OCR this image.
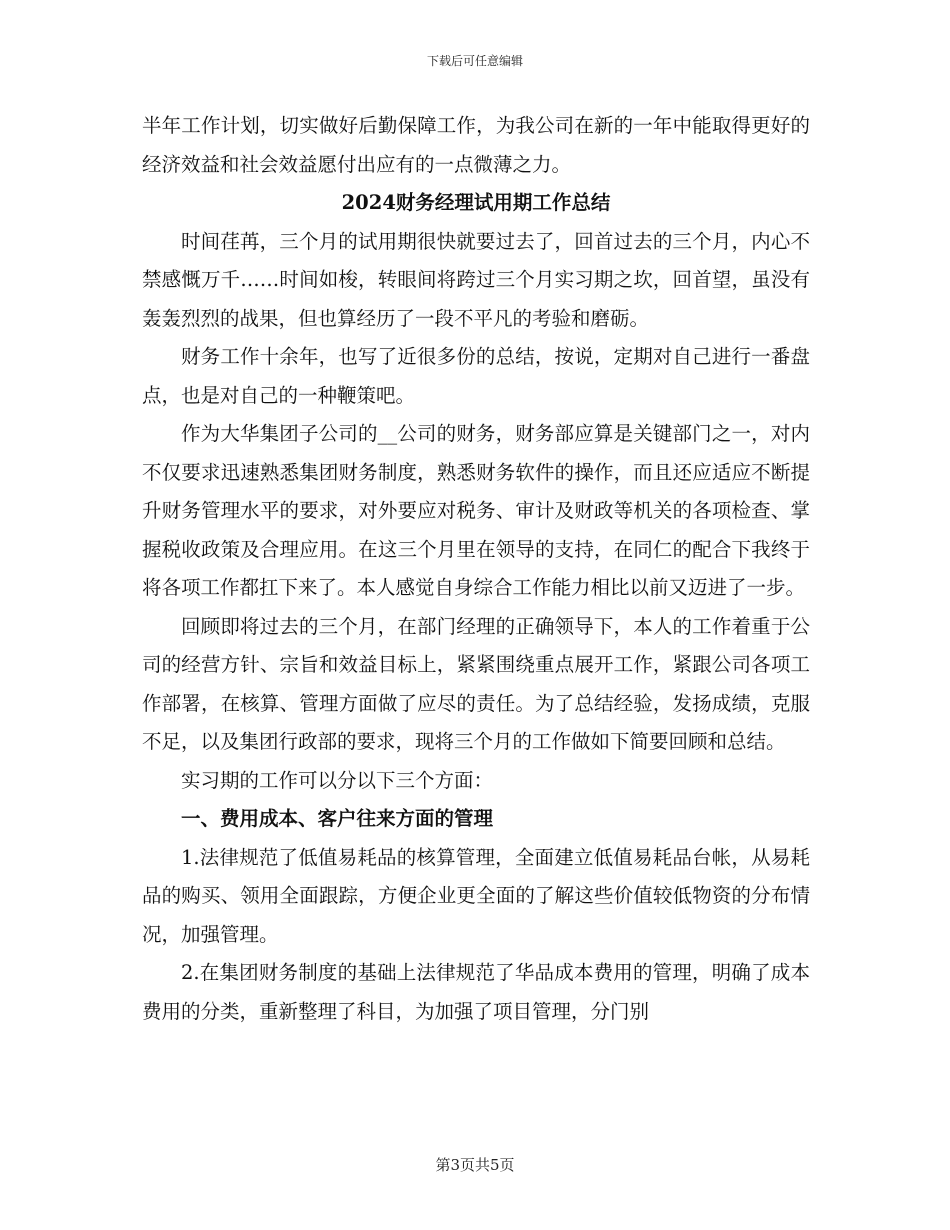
下载后可任意编辑

半年工作计划，切实做好后勤保障工作，为我公司在新的一年中能取得更好的经济效益和社会效益愿付出应有的一点微薄之力。

2024财务经理试用期工作总结

时间荏苒，三个月的试用期很快就要过去了，回首过去的三个月，内心不禁感慨万千……时间如梭，转眼间将跨过三个月实习期之坎，回首望，虽没有轰轰烈烈的战果，但也算经历了一段不平凡的考验和磨砺。

财务工作十余年，也写了近很多份的总结，按说，定期对自己进行一番盘点，也是对自己的一种鞭策吧。

作为大华集团子公司的__公司的财务，财务部应算是关键部门之一，对内不仅要求迅速熟悉集团财务制度，熟悉财务软件的操作，而且还应适应不断提升财务管理水平的要求，对外要应对税务、审计及财政等机关的各项检查、掌握税收政策及合理应用。在这三个月里在领导的支持，在同仁的配合下我终于将各项工作都扛下来了。本人感觉自身综合工作能力相比以前又迈进了一步。

回顾即将过去的三个月，在部门经理的正确领导下，本人的工作着重于公司的经营方针、宗旨和效益目标上，紧紧围绕重点展开工作，紧跟公司各项工作部署，在核算、管理方面做了应尽的责任。为了总结经验，发扬成绩，克服不足，以及集团行政部的要求，现将三个月的工作做如下简要回顾和总结。

实习期的工作可以分以下三个方面：

一、费用成本、客户往来方面的管理

1.法律规范了低值易耗品的核算管理，全面建立低值易耗品台帐，从易耗品的购买、领用全面跟踪，方便企业更全面的了解这些价值较低物资的分布情况，加强管理。

2.在集团财务制度的基础上法律规范了华品成本费用的管理，明确了成本费用的分类，重新整理了科目，为加强了项目管理，分门别

第3页共5页
